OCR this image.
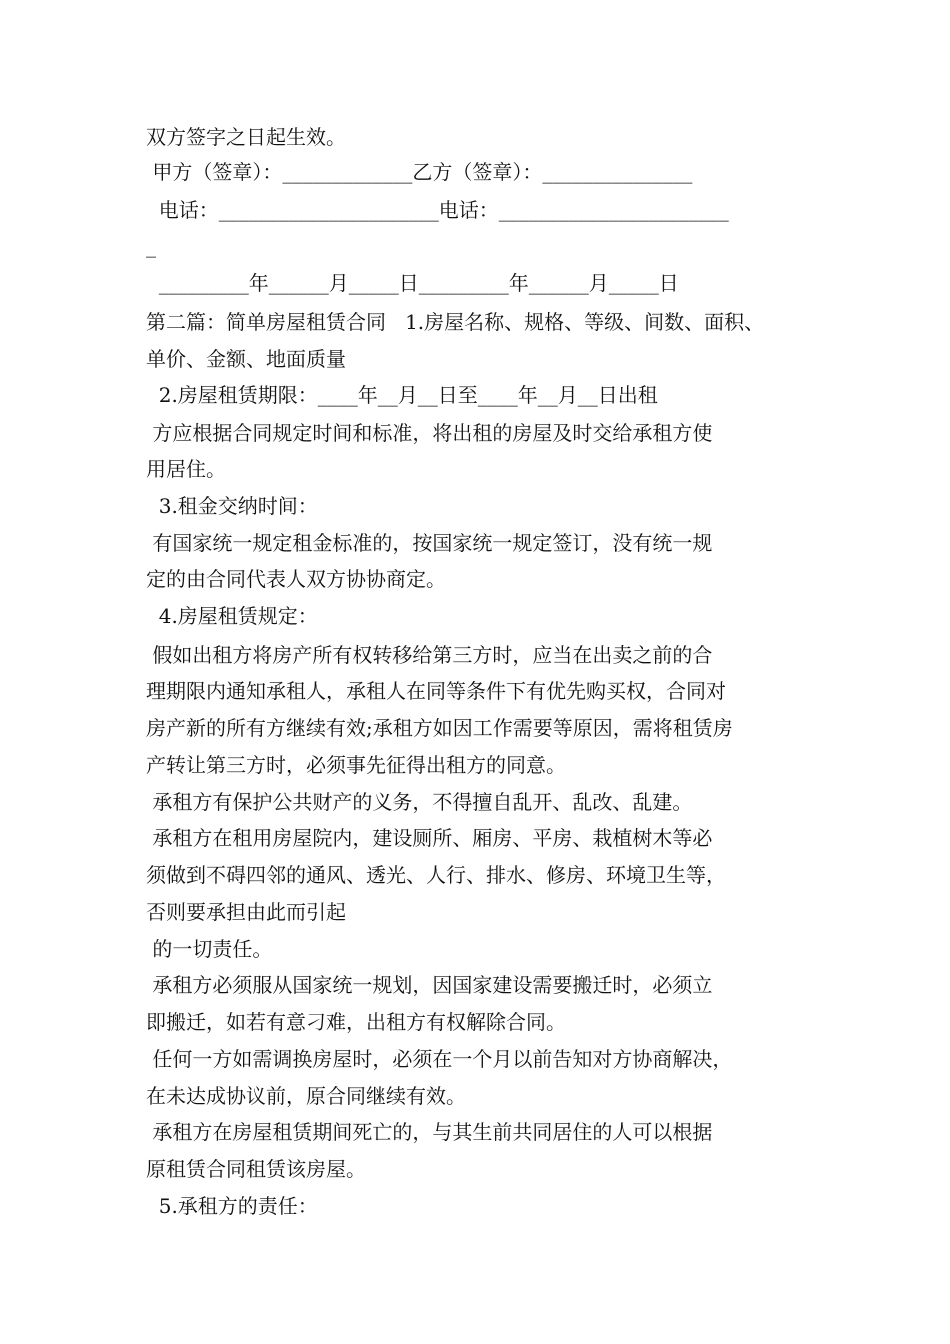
双方签字之日起生效。
甲方（签章）：_____________乙方（签章）：_______________
电话：______________________电话：_______________________
_
_________年______月_____日_________年______月_____日
第二篇：简单房屋租赁合同   1.房屋名称、规格、等级、间数、面积、
单价、金额、地面质量
2.房屋租赁期限：____年__月__日至____年__月__日出租
方应根据合同规定时间和标准，将出租的房屋及时交给承租方使
用居住。
3.租金交纳时间：
有国家统一规定租金标准的，按国家统一规定签订，没有统一规
定的由合同代表人双方协协商定。
4.房屋租赁规定：
假如出租方将房产所有权转移给第三方时，应当在出卖之前的合
理期限内通知承租人，承租人在同等条件下有优先购买权，合同对
房产新的所有方继续有效;承租方如因工作需要等原因，需将租赁房
产转让第三方时，必须事先征得出租方的同意。
承租方有保护公共财产的义务，不得擅自乱开、乱改、乱建。
承租方在租用房屋院内，建设厕所、厢房、平房、栽植树木等必
须做到不碍四邻的通风、透光、人行、排水、修房、环境卫生等，
否则要承担由此而引起
的一切责任。
承租方必须服从国家统一规划，因国家建设需要搬迁时，必须立
即搬迁，如若有意刁难，出租方有权解除合同。
任何一方如需调换房屋时，必须在一个月以前告知对方协商解决，
在未达成协议前，原合同继续有效。
承租方在房屋租赁期间死亡的，与其生前共同居住的人可以根据
原租赁合同租赁该房屋。
5.承租方的责任：
